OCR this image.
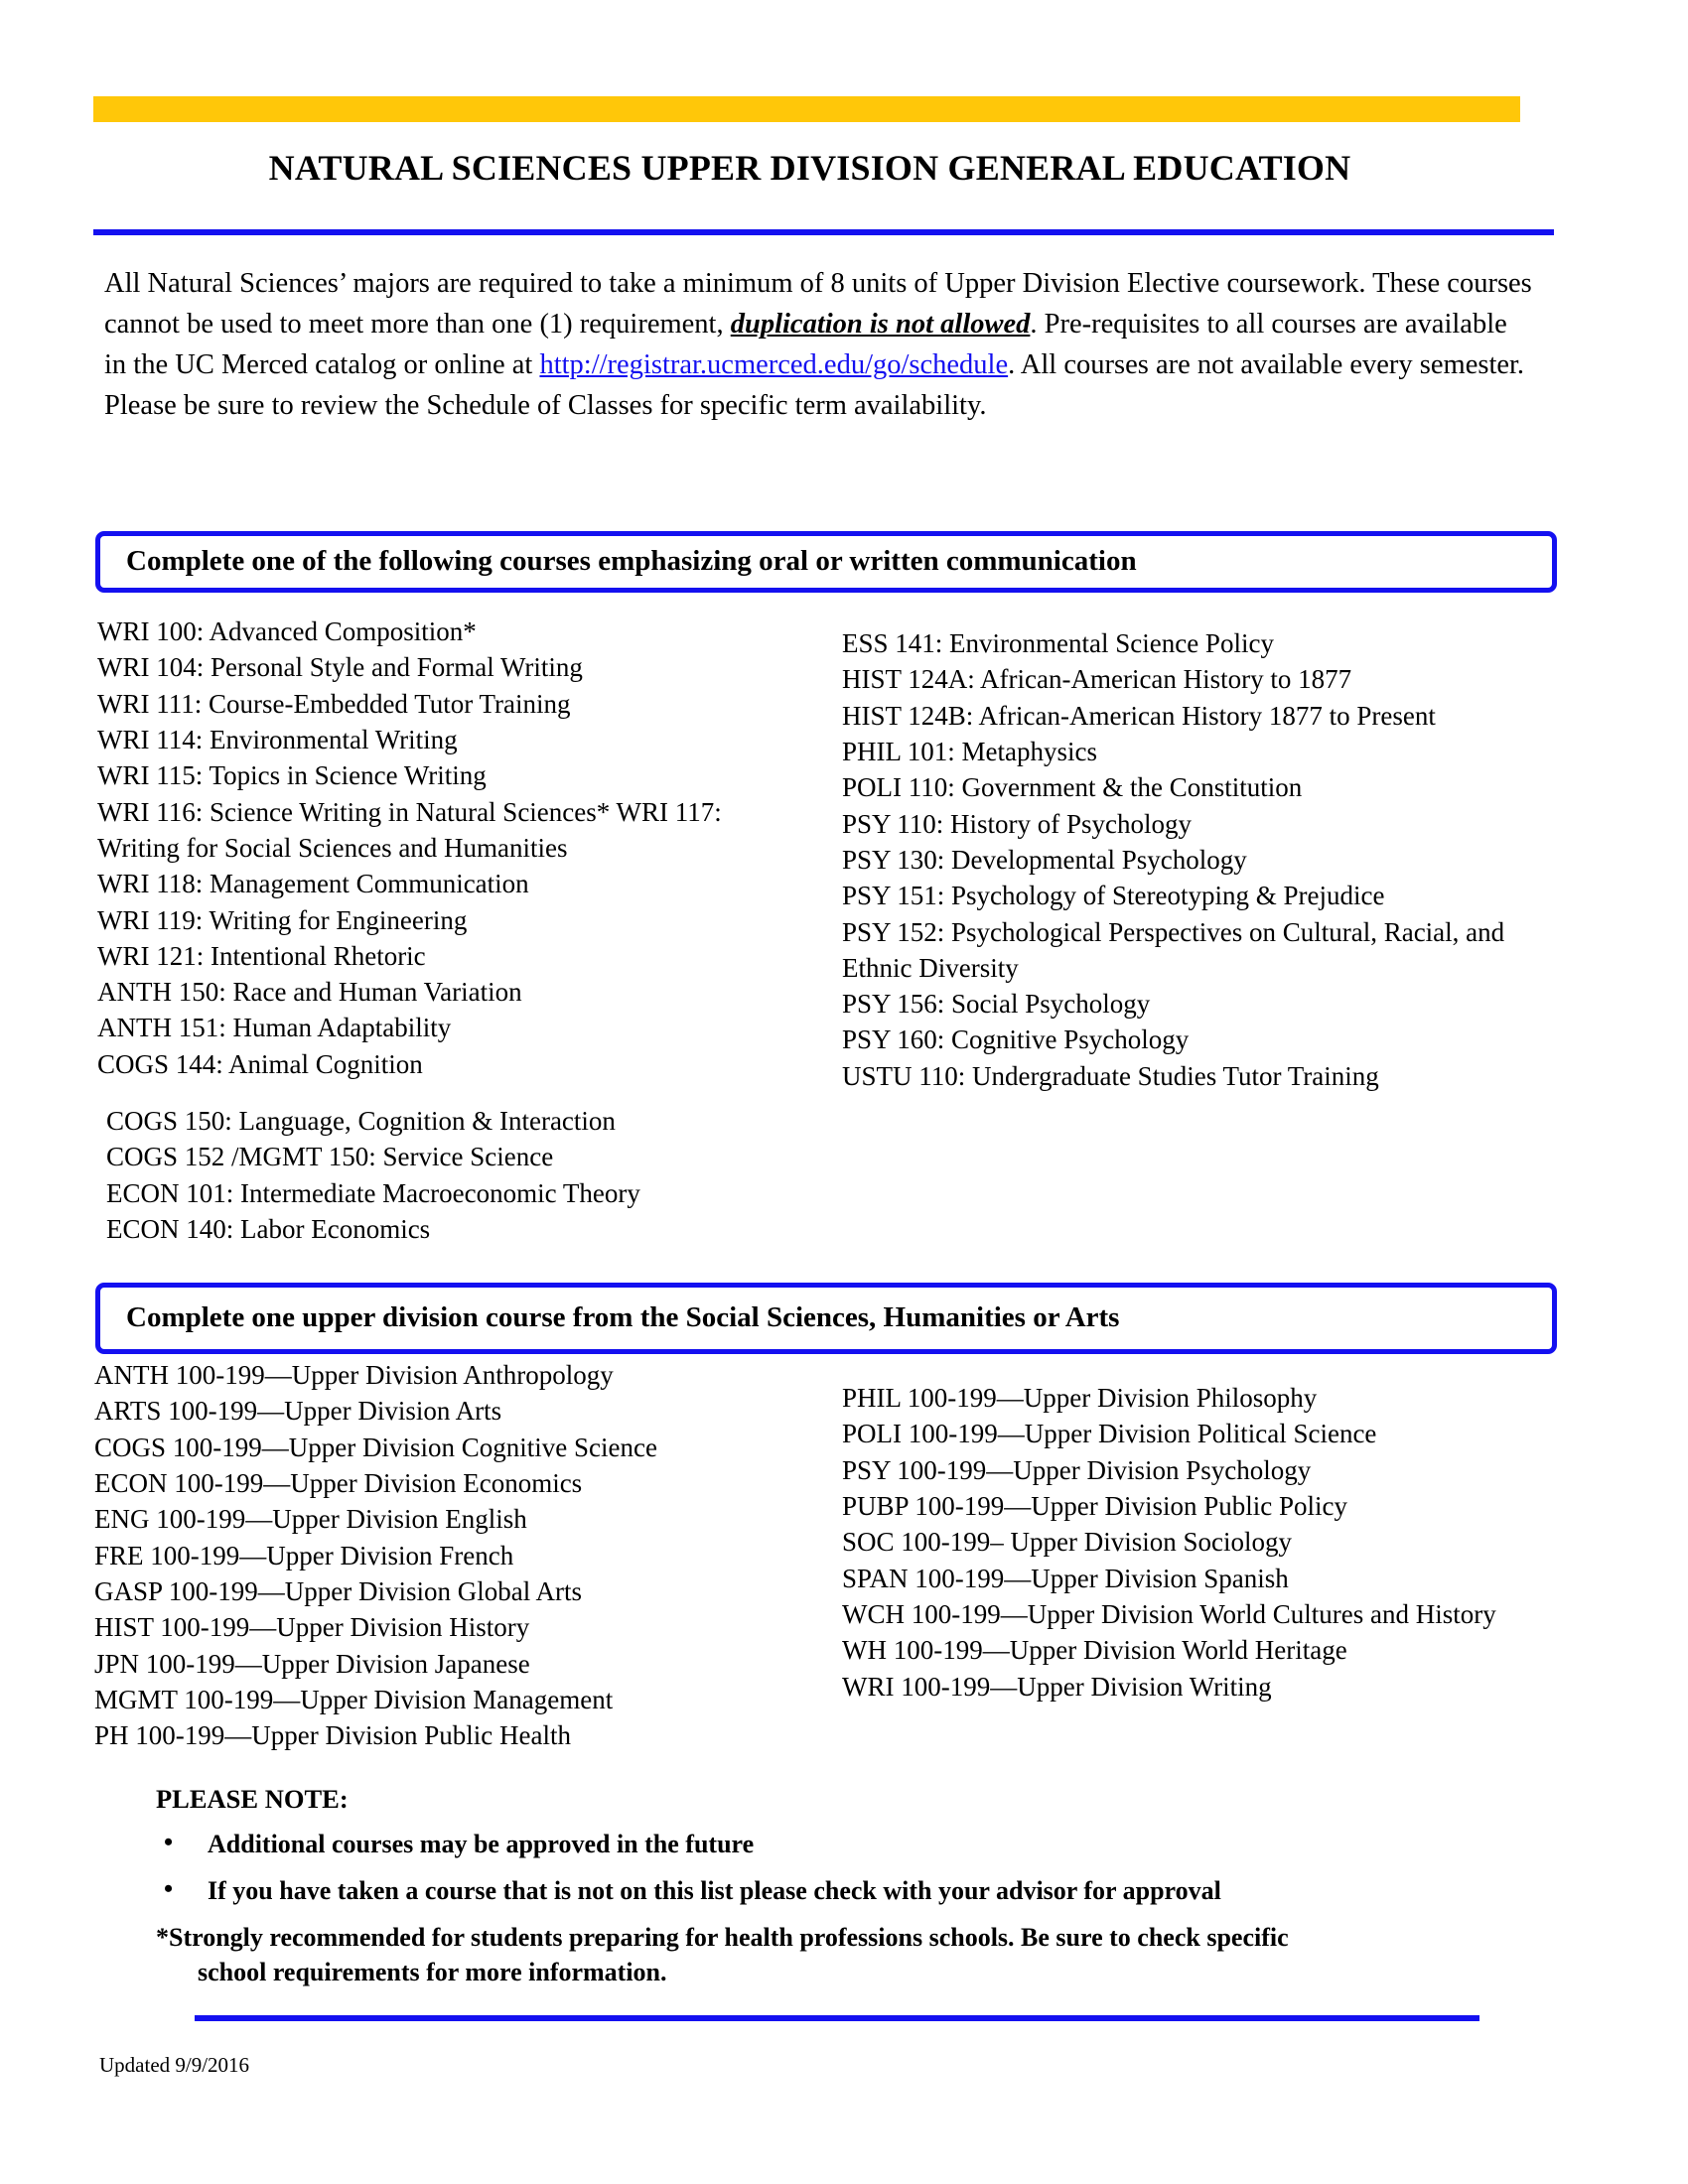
NATURAL SCIENCES UPPER DIVISION GENERAL EDUCATION
All Natural Sciences’ majors are required to take a minimum of 8 units of Upper Division Elective coursework. These courses cannot be used to meet more than one (1) requirement, duplication is not allowed. Pre-requisites to all courses are available in the UC Merced catalog or online at http://registrar.ucmerced.edu/go/schedule. All courses are not available every semester. Please be sure to review the Schedule of Classes for specific term availability.
Complete one of the following courses emphasizing oral or written communication
WRI 100: Advanced Composition*
WRI 104: Personal Style and Formal Writing
WRI 111: Course-Embedded Tutor Training
WRI 114: Environmental Writing
WRI 115: Topics in Science Writing
WRI 116: Science Writing in Natural Sciences* WRI 117: Writing for Social Sciences and Humanities
WRI 118: Management Communication
WRI 119: Writing for Engineering
WRI 121: Intentional Rhetoric
ANTH 150: Race and Human Variation
ANTH 151: Human Adaptability
COGS 144: Animal Cognition
COGS 150: Language, Cognition & Interaction
COGS 152 /MGMT 150: Service Science
ECON 101: Intermediate Macroeconomic Theory
ECON 140: Labor Economics
ESS 141: Environmental Science Policy
HIST 124A: African-American History to 1877
HIST 124B: African-American History 1877 to Present
PHIL 101: Metaphysics
POLI 110: Government & the Constitution
PSY 110: History of Psychology
PSY 130: Developmental Psychology
PSY 151: Psychology of Stereotyping & Prejudice
PSY 152: Psychological Perspectives on Cultural, Racial, and Ethnic Diversity
PSY 156: Social Psychology
PSY 160: Cognitive Psychology
USTU 110: Undergraduate Studies Tutor Training
Complete one upper division course from the Social Sciences, Humanities or Arts
ANTH 100-199—Upper Division Anthropology
ARTS 100-199—Upper Division Arts
COGS 100-199—Upper Division Cognitive Science
ECON 100-199—Upper Division Economics
ENG 100-199—Upper Division English
FRE 100-199—Upper Division French
GASP 100-199—Upper Division Global Arts
HIST 100-199—Upper Division History
JPN 100-199—Upper Division Japanese
MGMT 100-199—Upper Division Management
PH 100-199—Upper Division Public Health
PHIL 100-199—Upper Division Philosophy
POLI 100-199—Upper Division Political Science
PSY 100-199—Upper Division Psychology
PUBP 100-199—Upper Division Public Policy
SOC 100-199– Upper Division Sociology
SPAN 100-199—Upper Division Spanish
WCH 100-199—Upper Division World Cultures and History
WH 100-199—Upper Division World Heritage
WRI 100-199—Upper Division Writing
PLEASE NOTE:
• Additional courses may be approved in the future
• If you have taken a course that is not on this list please check with your advisor for approval
*Strongly recommended for students preparing for health professions schools. Be sure to check specific
school requirements for more information.
Updated 9/9/2016
